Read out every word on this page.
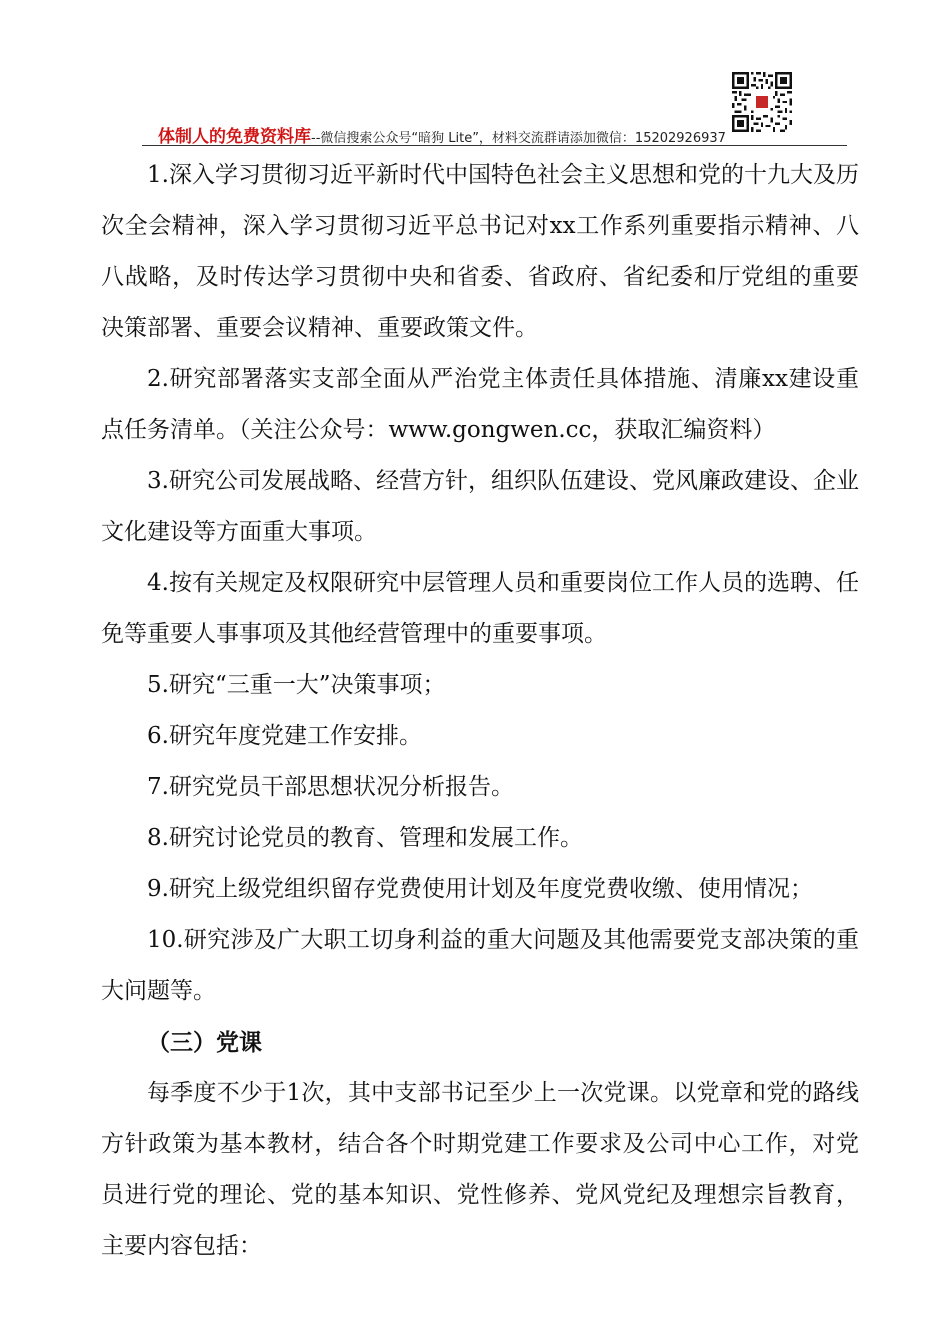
体制人的免费资料库--微信搜索公众号“暗狗 Lite”，材料交流群请添加微信：15202926937

1.深入学习贯彻习近平新时代中国特色社会主义思想和党的十九大及历次全会精神，深入学习贯彻习近平总书记对xx工作系列重要指示精神、八八战略，及时传达学习贯彻中央和省委、省政府、省纪委和厅党组的重要决策部署、重要会议精神、重要政策文件。

2.研究部署落实支部全面从严治党主体责任具体措施、清廉xx建设重点任务清单。（关注公众号：www.gongwen.cc，获取汇编资料）

3.研究公司发展战略、经营方针，组织队伍建设、党风廉政建设、企业文化建设等方面重大事项。

4.按有关规定及权限研究中层管理人员和重要岗位工作人员的选聘、任免等重要人事事项及其他经营管理中的重要事项。

5.研究“三重一大”决策事项；

6.研究年度党建工作安排。

7.研究党员干部思想状况分析报告。

8.研究讨论党员的教育、管理和发展工作。

9.研究上级党组织留存党费使用计划及年度党费收缴、使用情况；

10.研究涉及广大职工切身利益的重大问题及其他需要党支部决策的重大问题等。

（三）党课

每季度不少于1次，其中支部书记至少上一次党课。以党章和党的路线方针政策为基本教材，结合各个时期党建工作要求及公司中心工作，对党员进行党的理论、党的基本知识、党性修养、党风党纪及理想宗旨教育，主要内容包括：
